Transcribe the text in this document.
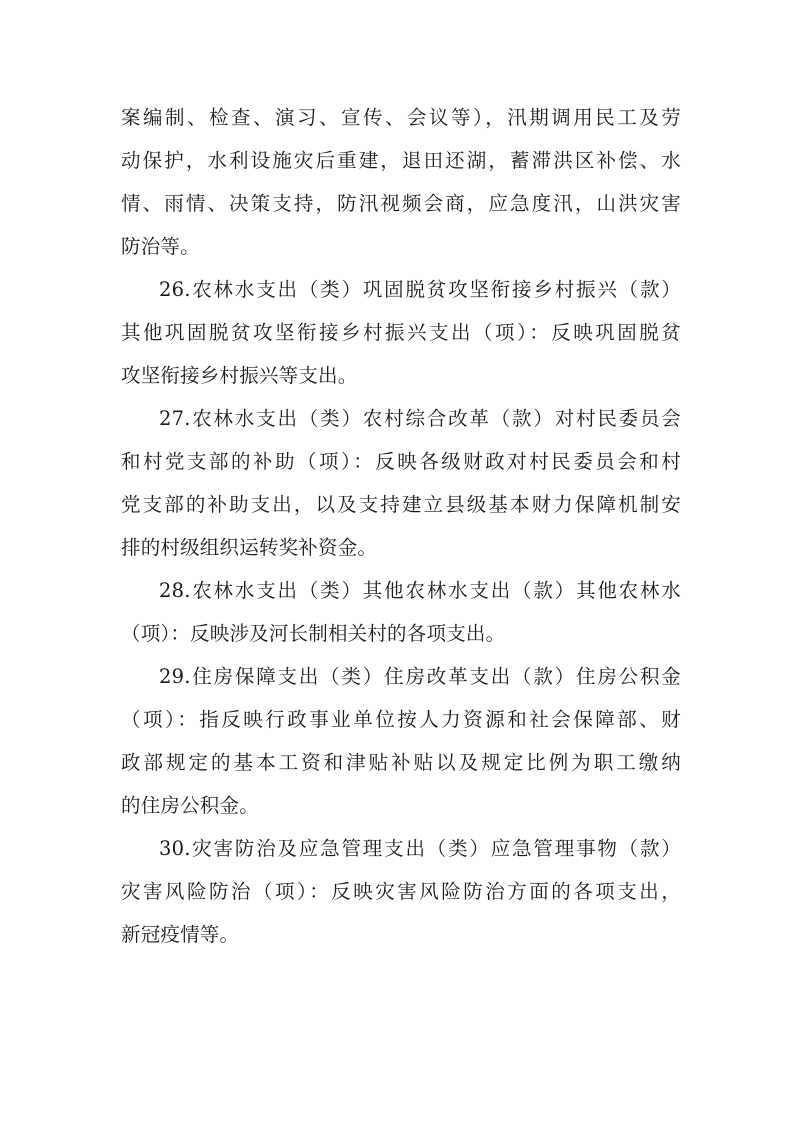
案编制、检查、演习、宣传、会议等），汛期调用民工及劳
动保护，水利设施灾后重建，退田还湖，蓄滞洪区补偿、水
情、雨情、决策支持，防汛视频会商，应急度汛，山洪灾害
防治等。
26.农林水支出（类）巩固脱贫攻坚衔接乡村振兴（款）
其他巩固脱贫攻坚衔接乡村振兴支出（项）：反映巩固脱贫
攻坚衔接乡村振兴等支出。
27.农林水支出（类）农村综合改革（款）对村民委员会
和村党支部的补助（项）：反映各级财政对村民委员会和村
党支部的补助支出，以及支持建立县级基本财力保障机制安
排的村级组织运转奖补资金。
28.农林水支出（类）其他农林水支出（款）其他农林水
（项）：反映涉及河长制相关村的各项支出。
29.住房保障支出（类）住房改革支出（款）住房公积金
（项）：指反映行政事业单位按人力资源和社会保障部、财
政部规定的基本工资和津贴补贴以及规定比例为职工缴纳
的住房公积金。
30.灾害防治及应急管理支出（类）应急管理事物（款）
灾害风险防治（项）：反映灾害风险防治方面的各项支出，
新冠疫情等。
